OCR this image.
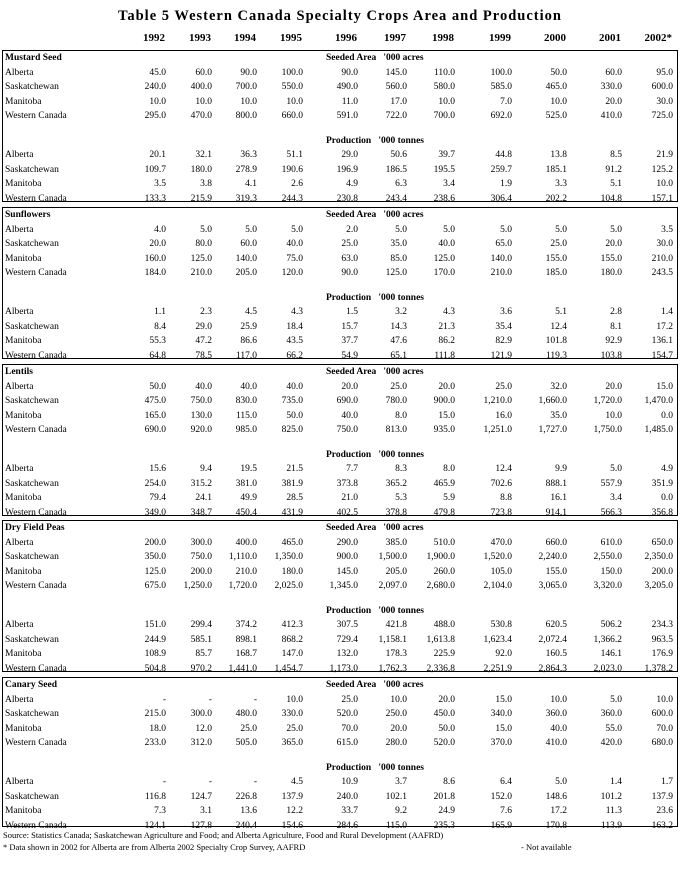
Table 5 Western Canada Specialty Crops Area and Production
1992	1993	1994	1995	1996	1997	1998	1999	2000	2001	2002*
Mustard Seed	Seeded Area   '000 acres
Alberta	45.0	60.0	90.0	100.0	90.0	145.0	110.0	100.0	50.0	60.0	95.0
Saskatchewan	240.0	400.0	700.0	550.0	490.0	560.0	580.0	585.0	465.0	330.0	600.0
Manitoba	10.0	10.0	10.0	10.0	11.0	17.0	10.0	7.0	10.0	20.0	30.0
Western Canada	295.0	470.0	800.0	660.0	591.0	722.0	700.0	692.0	525.0	410.0	725.0
Production   '000 tonnes
Alberta	20.1	32.1	36.3	51.1	29.0	50.6	39.7	44.8	13.8	8.5	21.9
Saskatchewan	109.7	180.0	278.9	190.6	196.9	186.5	195.5	259.7	185.1	91.2	125.2
Manitoba	3.5	3.8	4.1	2.6	4.9	6.3	3.4	1.9	3.3	5.1	10.0
Western Canada	133.3	215.9	319.3	244.3	230.8	243.4	238.6	306.4	202.2	104.8	157.1
Sunflowers	Seeded Area   '000 acres
Alberta	4.0	5.0	5.0	5.0	2.0	5.0	5.0	5.0	5.0	5.0	3.5
Saskatchewan	20.0	80.0	60.0	40.0	25.0	35.0	40.0	65.0	25.0	20.0	30.0
Manitoba	160.0	125.0	140.0	75.0	63.0	85.0	125.0	140.0	155.0	155.0	210.0
Western Canada	184.0	210.0	205.0	120.0	90.0	125.0	170.0	210.0	185.0	180.0	243.5
Production   '000 tonnes
Alberta	1.1	2.3	4.5	4.3	1.5	3.2	4.3	3.6	5.1	2.8	1.4
Saskatchewan	8.4	29.0	25.9	18.4	15.7	14.3	21.3	35.4	12.4	8.1	17.2
Manitoba	55.3	47.2	86.6	43.5	37.7	47.6	86.2	82.9	101.8	92.9	136.1
Western Canada	64.8	78.5	117.0	66.2	54.9	65.1	111.8	121.9	119.3	103.8	154.7
Lentils	Seeded Area   '000 acres
Alberta	50.0	40.0	40.0	40.0	20.0	25.0	20.0	25.0	32.0	20.0	15.0
Saskatchewan	475.0	750.0	830.0	735.0	690.0	780.0	900.0	1,210.0	1,660.0	1,720.0	1,470.0
Manitoba	165.0	130.0	115.0	50.0	40.0	8.0	15.0	16.0	35.0	10.0	0.0
Western Canada	690.0	920.0	985.0	825.0	750.0	813.0	935.0	1,251.0	1,727.0	1,750.0	1,485.0
Production   '000 tonnes
Alberta	15.6	9.4	19.5	21.5	7.7	8.3	8.0	12.4	9.9	5.0	4.9
Saskatchewan	254.0	315.2	381.0	381.9	373.8	365.2	465.9	702.6	888.1	557.9	351.9
Manitoba	79.4	24.1	49.9	28.5	21.0	5.3	5.9	8.8	16.1	3.4	0.0
Western Canada	349.0	348.7	450.4	431.9	402.5	378.8	479.8	723.8	914.1	566.3	356.8
Dry Field Peas	Seeded Area   '000 acres
Alberta	200.0	300.0	400.0	465.0	290.0	385.0	510.0	470.0	660.0	610.0	650.0
Saskatchewan	350.0	750.0	1,110.0	1,350.0	900.0	1,500.0	1,900.0	1,520.0	2,240.0	2,550.0	2,350.0
Manitoba	125.0	200.0	210.0	180.0	145.0	205.0	260.0	105.0	155.0	150.0	200.0
Western Canada	675.0	1,250.0	1,720.0	2,025.0	1,345.0	2,097.0	2,680.0	2,104.0	3,065.0	3,320.0	3,205.0
Production   '000 tonnes
Alberta	151.0	299.4	374.2	412.3	307.5	421.8	488.0	530.8	620.5	506.2	234.3
Saskatchewan	244.9	585.1	898.1	868.2	729.4	1,158.1	1,613.8	1,623.4	2,072.4	1,366.2	963.5
Manitoba	108.9	85.7	168.7	147.0	132.0	178.3	225.9	92.0	160.5	146.1	176.9
Western Canada	504.8	970.2	1,441.0	1,454.7	1,173.0	1,762.3	2,336.8	2,251.9	2,864.3	2,023.0	1,378.2
Canary Seed	Seeded Area   '000 acres
Alberta	-	-	-	10.0	25.0	10.0	20.0	15.0	10.0	5.0	10.0
Saskatchewan	215.0	300.0	480.0	330.0	520.0	250.0	450.0	340.0	360.0	360.0	600.0
Manitoba	18.0	12.0	25.0	25.0	70.0	20.0	50.0	15.0	40.0	55.0	70.0
Western Canada	233.0	312.0	505.0	365.0	615.0	280.0	520.0	370.0	410.0	420.0	680.0
Production   '000 tonnes
Alberta	-	-	-	4.5	10.9	3.7	8.6	6.4	5.0	1.4	1.7
Saskatchewan	116.8	124.7	226.8	137.9	240.0	102.1	201.8	152.0	148.6	101.2	137.9
Manitoba	7.3	3.1	13.6	12.2	33.7	9.2	24.9	7.6	17.2	11.3	23.6
Western Canada	124.1	127.8	240.4	154.6	284.6	115.0	235.3	165.9	170.8	113.9	163.2
Source: Statistics Canada; Saskatchewan Agriculture and Food; and Alberta Agriculture, Food and Rural Development (AAFRD)
* Data shown in 2002 for Alberta are from Alberta 2002 Specialty Crop Survey, AAFRD	- Not available
